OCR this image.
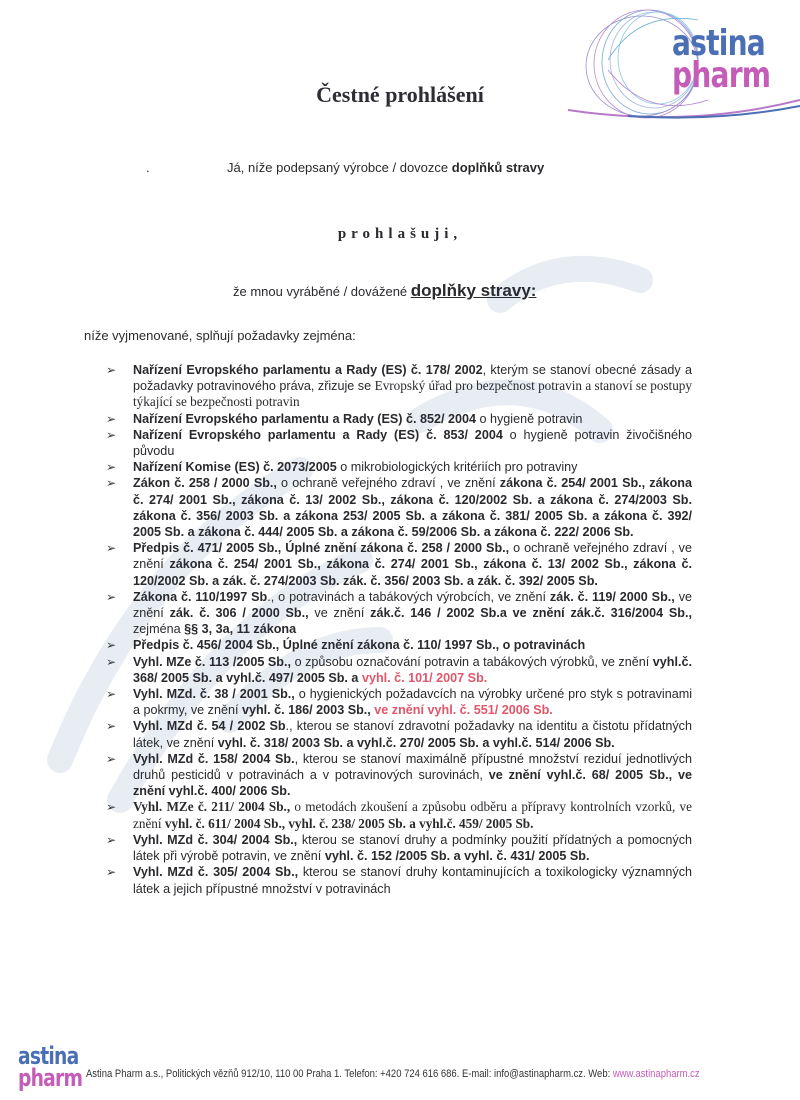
astina
pharm
Čestné prohlášení
.	Já, níže podepsaný výrobce / dovozce doplňků stravy
prohlašuji,
že mnou vyráběné / dovážené doplňky stravy:
níže vyjmenované, splňují požadavky zejména:
➢ Nařízení Evropského parlamentu a Rady (ES) č. 178/ 2002, kterým se stanoví obecné zásady a požadavky potravinového práva, zřizuje se Evropský úřad pro bezpečnost potravin a stanoví se postupy týkající se bezpečnosti potravin
➢ Nařízení Evropského parlamentu a Rady (ES) č. 852/ 2004 o hygieně potravin
➢ Nařízení Evropského parlamentu a Rady (ES) č. 853/ 2004 o hygieně potravin živočišného původu
➢ Nařízení Komise (ES) č. 2073/2005 o mikrobiologických kritériích pro potraviny
➢ Zákon č. 258 / 2000 Sb., o ochraně veřejného zdraví , ve znění zákona č. 254/ 2001 Sb., zákona č. 274/ 2001 Sb., zákona č. 13/ 2002 Sb., zákona č. 120/2002 Sb. a zákona č. 274/2003 Sb. zákona č. 356/ 2003 Sb. a zákona 253/ 2005 Sb. a zákona č. 381/ 2005 Sb. a zákona č. 392/ 2005 Sb. a zákona č. 444/ 2005 Sb. a zákona č. 59/2006 Sb. a zákona č. 222/ 2006 Sb.
➢ Předpis č. 471/ 2005 Sb., Úplné znění zákona č. 258 / 2000 Sb., o ochraně veřejného zdraví , ve znění zákona č. 254/ 2001 Sb., zákona č. 274/ 2001 Sb., zákona č. 13/ 2002 Sb., zákona č. 120/2002 Sb. a zák. č. 274/2003 Sb. zák. č. 356/ 2003 Sb. a zák. č. 392/ 2005 Sb.
➢ Zákona č. 110/1997 Sb., o potravinách a tabákových výrobcích, ve znění zák. č. 119/ 2000 Sb., ve znění zák. č. 306 / 2000 Sb., ve znění zák.č. 146 / 2002 Sb.a ve znění zák.č. 316/2004 Sb., zejména §§ 3, 3a, 11 zákona
➢ Předpis č. 456/ 2004 Sb., Úplné znění zákona č. 110/ 1997 Sb., o potravinách
➢ Vyhl. MZe č. 113 /2005 Sb., o způsobu označování potravin a tabákových výrobků, ve znění vyhl.č. 368/ 2005 Sb. a vyhl.č. 497/ 2005 Sb. a vyhl. č. 101/ 2007 Sb.
➢ Vyhl. MZd. č. 38 / 2001 Sb., o hygienických požadavcích na výrobky určené pro styk s potravinami a pokrmy, ve znění vyhl. č. 186/ 2003 Sb., ve znění vyhl. č. 551/ 2006 Sb.
➢ Vyhl. MZd č. 54 / 2002 Sb., kterou se stanoví zdravotní požadavky na identitu a čistotu přídatných látek, ve znění vyhl. č. 318/ 2003 Sb. a vyhl.č. 270/ 2005 Sb. a vyhl.č. 514/ 2006 Sb.
➢ Vyhl. MZd č. 158/ 2004 Sb., kterou se stanoví maximálně přípustné množství reziduí jednotlivých druhů pesticidů v potravinách a v potravinových surovinách, ve znění vyhl.č. 68/ 2005 Sb., ve znění vyhl.č. 400/ 2006 Sb.
➢ Vyhl. MZe č. 211/ 2004 Sb., o metodách zkoušení a způsobu odběru a přípravy kontrolních vzorků, ve znění vyhl. č. 611/ 2004 Sb., vyhl. č. 238/ 2005 Sb. a vyhl.č. 459/ 2005 Sb.
➢ Vyhl. MZd č. 304/ 2004 Sb., kterou se stanoví druhy a podmínky použití přídatných a pomocných látek při výrobě potravin, ve znění vyhl. č. 152 /2005 Sb. a vyhl. č. 431/ 2005 Sb.
➢ Vyhl. MZd č. 305/ 2004 Sb., kterou se stanoví druhy kontaminujících a toxikologicky významných látek a jejich přípustné množství v potravinách
astina
pharm Astina Pharm a.s., Politických vězňů 912/10, 110 00 Praha 1. Telefon: +420 724 616 686. E-mail: info@astinapharm.cz. Web: www.astinapharm.cz
